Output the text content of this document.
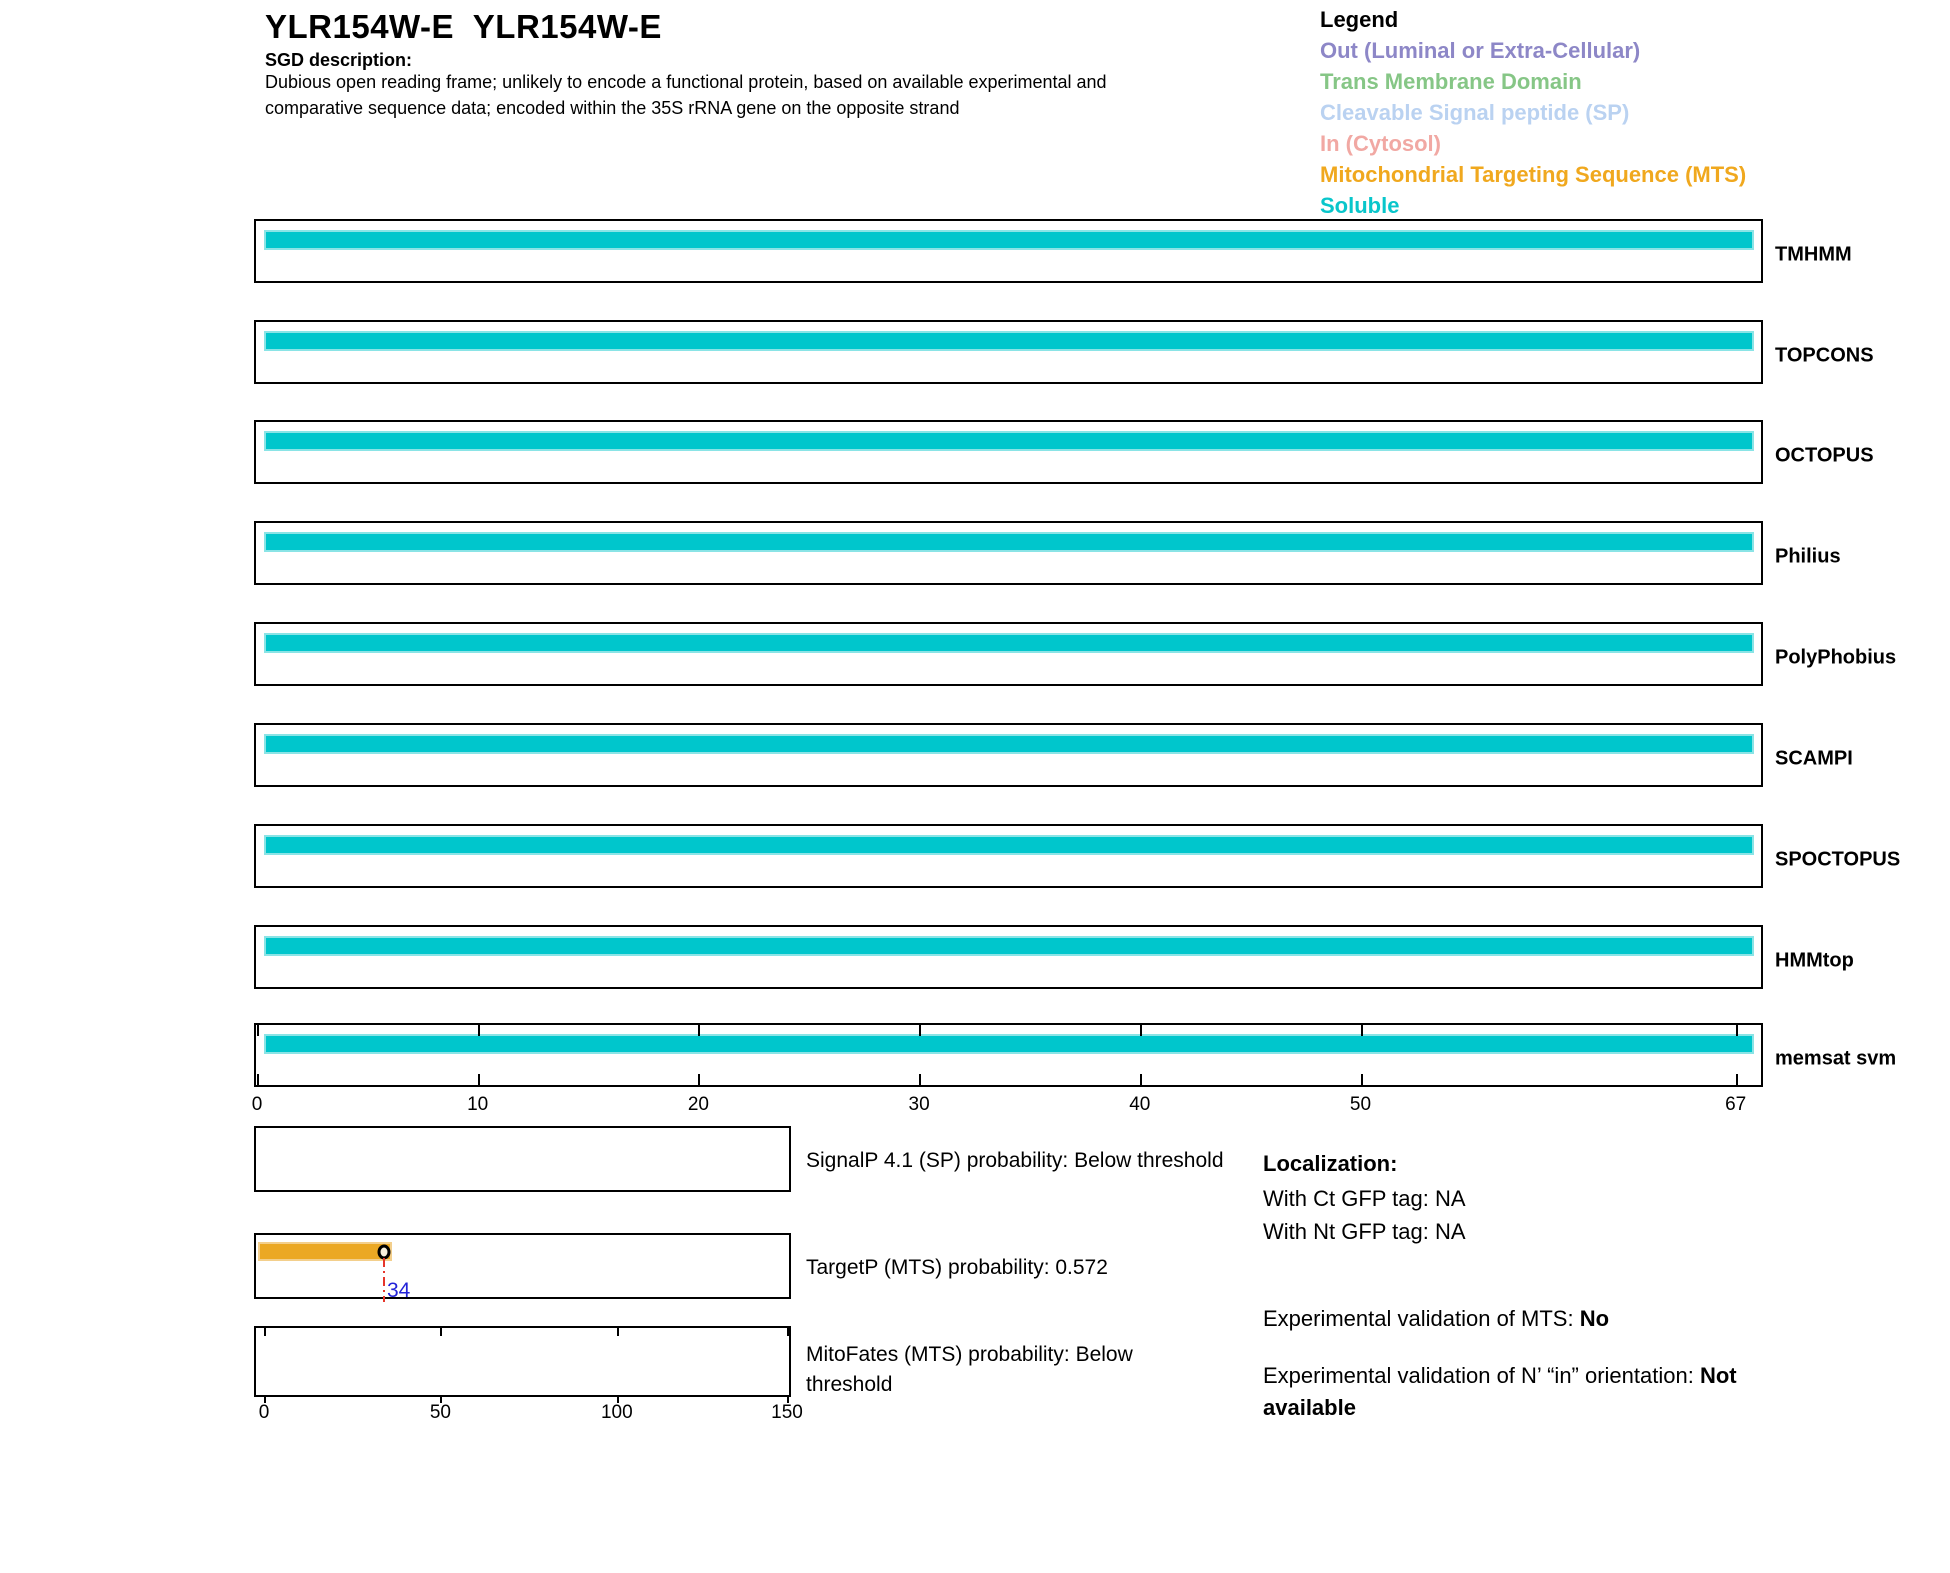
YLR154W-E  YLR154W-E
SGD description:
Dubious open reading frame; unlikely to encode a functional protein, based on available experimental and
comparative sequence data; encoded within the 35S rRNA gene on the opposite strand
Legend
Out (Luminal or Extra-Cellular)
Trans Membrane Domain
Cleavable Signal peptide (SP)
In (Cytosol)
Mitochondrial Targeting Sequence (MTS)
Soluble
Localization:
With Ct GFP tag: NA
With Nt GFP tag: NA
Experimental validation of MTS: No
Experimental validation of N’ “in” orientation: Not available
TMHMM
TOPCONS
OCTOPUS
Philius
PolyPhobius
SCAMPI
SPOCTOPUS
HMMtop
memsat svm
0	10	20	30	40	50	67
SignalP 4.1 (SP) probability: Below threshold
34
TargetP (MTS) probability: 0.572
0	50	100	150
MitoFates (MTS) probability: Below threshold
